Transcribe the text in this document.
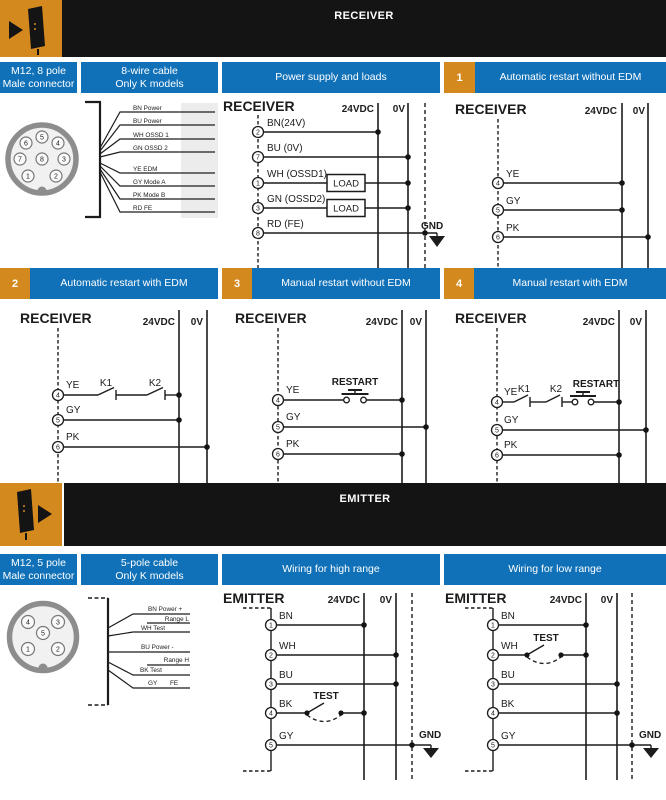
RECEIVER
M12, 8 pole
Male connector
8-wire cable
Only K models
Power supply and loads	1	Automatic restart without EDM
5
6	4
7	3
8
1	2
BN Power
BU Power
WH OSSD 1
GN OSSD 2
YE EDM
GY Mode A
PK Mode B
RD FE
RECEIVER	24VDC 0V
LOAD
LOAD
GND
2
7
1
3
8
BN(24V)
BU (0V)
WH (OSSD1)
GN (OSSD2)
RD (FE)
RECEIVER	24VDC 0V
4
5
6
YE
GY
PK
2	Automatic restart with EDM	3	Manual restart without EDM	4	Manual restart with EDM
RECEIVER	24VDC 0V
K1	K2
4
5
6
YE
GY
PK
RECEIVER	24VDC 0V
RESTART
4
5
6
YE
GY
PK
RECEIVER	24VDC 0V
K1 K2 RESTART
4
5
6
YE
GY
PK
EMITTER
M12, 5 pole
Male connector
5-pole cable
Only K models
Wiring for high range	Wiring for low range
4	3
5
1	2
BN Power +
Range L
WH Test
BU Power -
Range H
BK Test
GY FE
EMITTER	24VDC 0V
GND
TEST
1
2
3
4
5
BN
WH
BU
BK
GY
EMITTER	24VDC 0V
GND
TEST
1
2
3
4
5
BN
WH
BU
BK
GY
